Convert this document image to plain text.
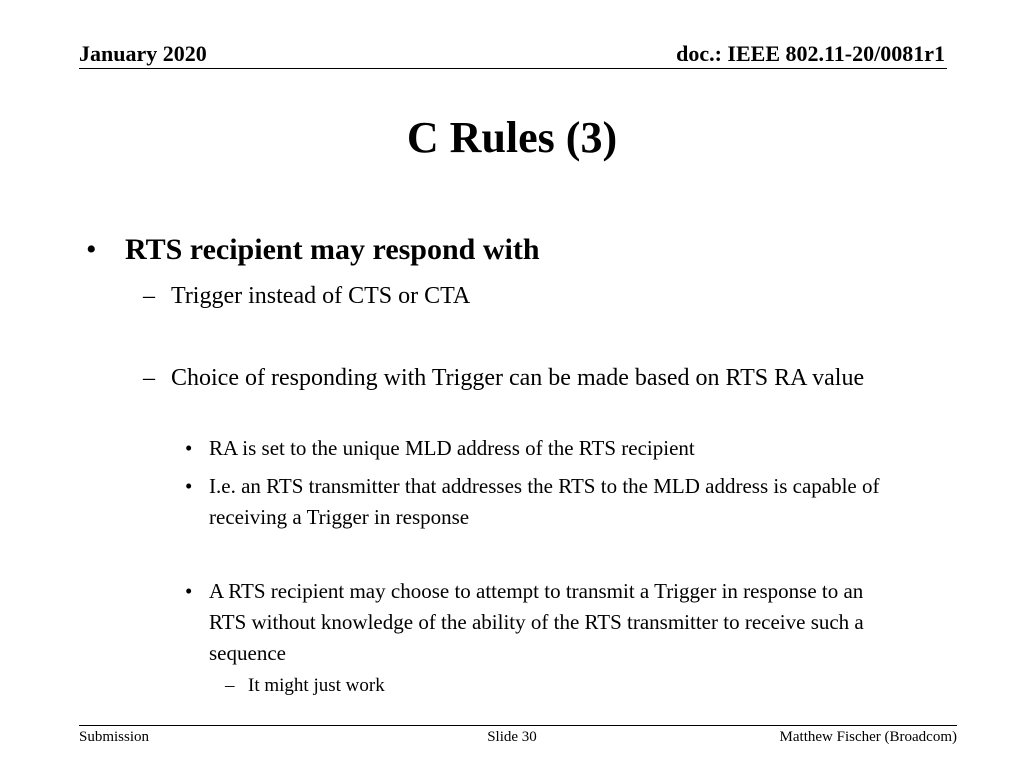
January 2020	doc.: IEEE 802.11-20/0081r1
C Rules (3)
• RTS recipient may respond with
– Trigger instead of CTS or CTA
– Choice of responding with Trigger can be made based on RTS RA value
• RA is set to the unique MLD address of the RTS recipient
• I.e. an RTS transmitter that addresses the RTS to the MLD address is capable of receiving a Trigger in response
• A RTS recipient may choose to attempt to transmit a Trigger in response to an RTS without knowledge of the ability of the RTS transmitter to receive such a sequence
– It might just work
Submission	Slide 30	Matthew Fischer (Broadcom)
